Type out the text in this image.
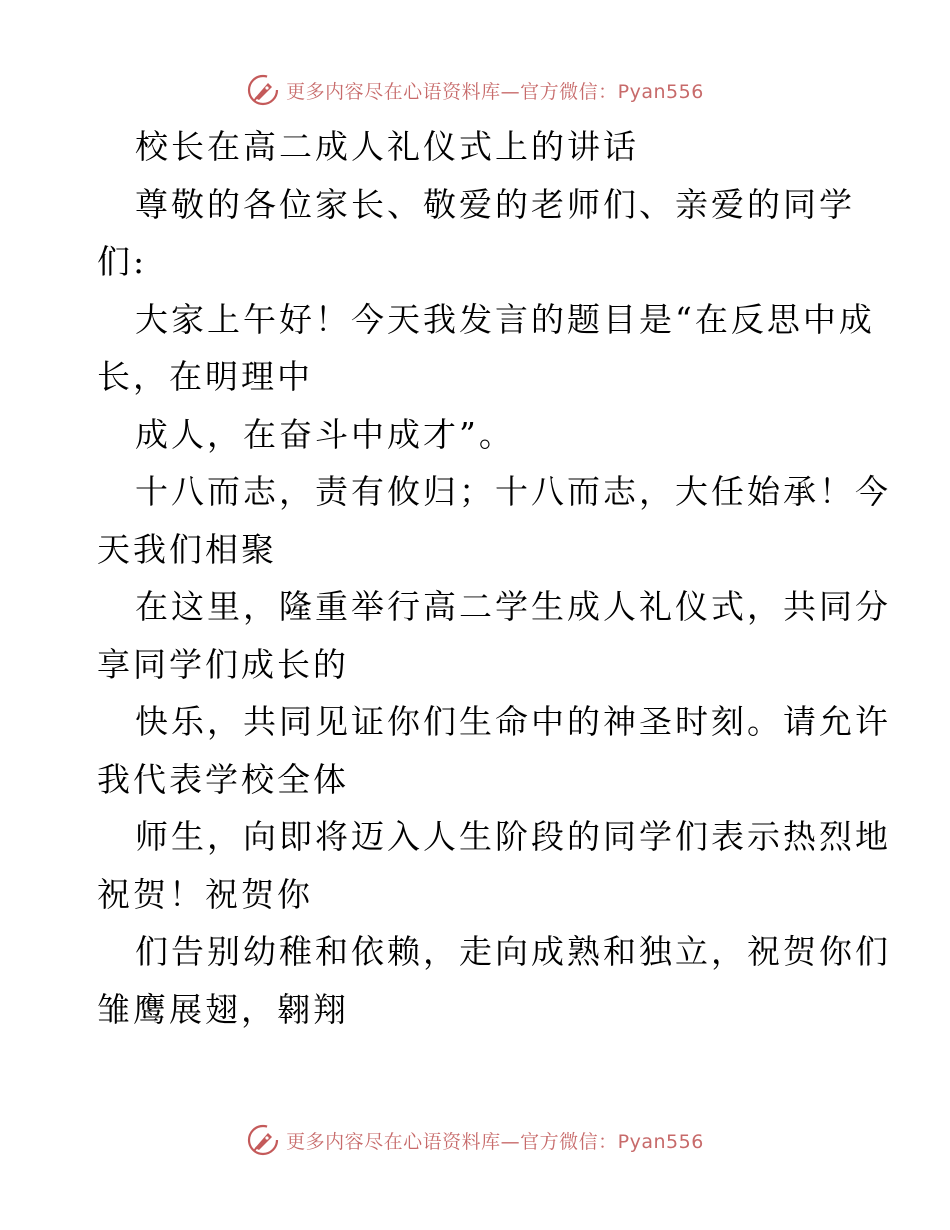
更多内容尽在心语资料库—官方微信：Pyan556
校长在高二成人礼仪式上的讲话
尊敬的各位家长、敬爱的老师们、亲爱的同学
们:
大家上午好！今天我发言的题目是“在反思中成
长，在明理中
成人，在奋斗中成才”。
十八而志，责有攸归；十八而志，大任始承！今
天我们相聚
在这里，隆重举行高二学生成人礼仪式，共同分
享同学们成长的
快乐，共同见证你们生命中的神圣时刻。请允许
我代表学校全体
师生，向即将迈入人生阶段的同学们表示热烈地
祝贺！祝贺你
们告别幼稚和依赖，走向成熟和独立，祝贺你们
雏鹰展翅，翱翔
更多内容尽在心语资料库—官方微信：Pyan556
